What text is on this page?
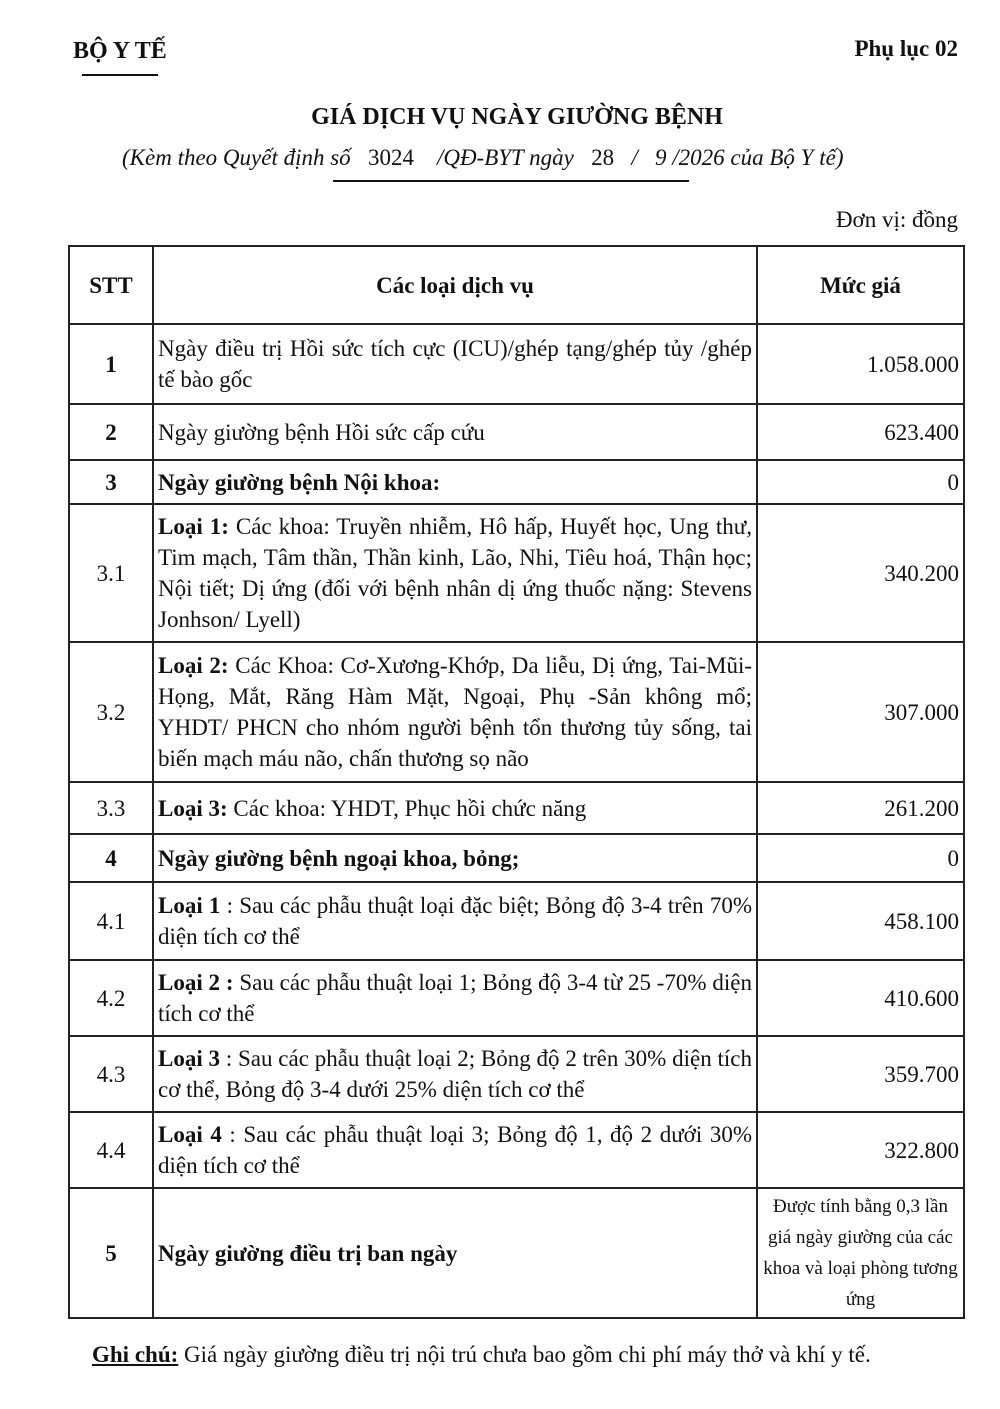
BỘ Y TẾ	Phụ lục 02
GIÁ DỊCH VỤ NGÀY GIƯỜNG BỆNH
(Kèm theo Quyết định số 3024 /QĐ-BYT ngày 28 / 9 /2026 của Bộ Y tế)
Đơn vị: đồng
STT	Các loại dịch vụ	Mức giá
1	Ngày điều trị Hồi sức tích cực (ICU)/ghép tạng/ghép tủy /ghép tế bào gốc	1.058.000
2	Ngày giường bệnh Hồi sức cấp cứu	623.400
3	Ngày giường bệnh Nội khoa:	0
3.1	Loại 1: Các khoa: Truyền nhiễm, Hô hấp, Huyết học, Ung thư, Tim mạch, Tâm thần, Thần kinh, Lão, Nhi, Tiêu hoá, Thận học; Nội tiết; Dị ứng (đối với bệnh nhân dị ứng thuốc nặng: Stevens Jonhson/ Lyell)	340.200
3.2	Loại 2: Các Khoa: Cơ-Xương-Khớp, Da liễu, Dị ứng, Tai-Mũi-Họng, Mắt, Răng Hàm Mặt, Ngoại, Phụ -Sản không mổ; YHDT/ PHCN cho nhóm người bệnh tổn thương tủy sống, tai biến mạch máu não, chấn thương sọ não	307.000
3.3	Loại 3: Các khoa: YHDT, Phục hồi chức năng	261.200
4	Ngày giường bệnh ngoại khoa, bỏng;	0
4.1	Loại 1 : Sau các phẫu thuật loại đặc biệt; Bỏng độ 3-4 trên 70% diện tích cơ thể	458.100
4.2	Loại 2 : Sau các phẫu thuật loại 1; Bỏng độ 3-4 từ 25 -70% diện tích cơ thể	410.600
4.3	Loại 3 : Sau các phẫu thuật loại 2; Bỏng độ 2 trên 30% diện tích cơ thể, Bỏng độ 3-4 dưới 25% diện tích cơ thể	359.700
4.4	Loại 4 : Sau các phẫu thuật loại 3; Bỏng độ 1, độ 2 dưới 30% diện tích cơ thể	322.800
5	Ngày giường điều trị ban ngày	Được tính bằng 0,3 lần giá ngày giường của các khoa và loại phòng tương ứng
Ghi chú: Giá ngày giường điều trị nội trú chưa bao gồm chi phí máy thở và khí y tế.
